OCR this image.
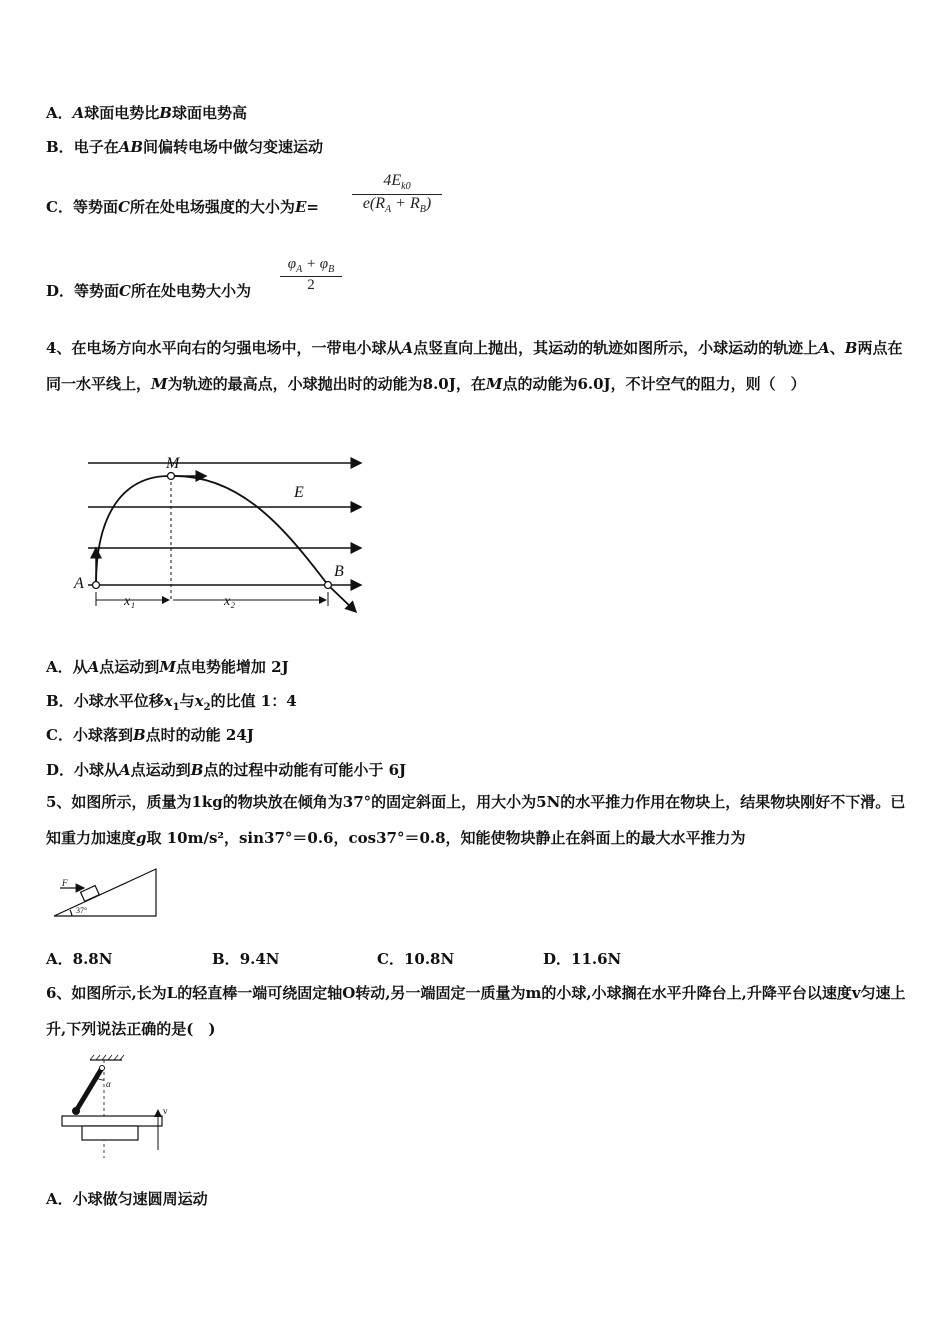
A．A球面电势比B球面电势高
B．电子在AB间偏转电场中做匀变速运动
C．等势面C所在处电场强度的大小为E=
$4E_{k0}$
$e(R_A + R_B)$
D．等势面C所在处电势大小为
$\varphi_A + \varphi_B$
2
4、在电场方向水平向右的匀强电场中，一带电小球从A点竖直向上抛出，其运动的轨迹如图所示，小球运动的轨迹上A、B两点在同一水平线上，M为轨迹的最高点，小球抛出时的动能为8.0J，在M点的动能为6.0J，不计空气的阻力，则（　）
M
E
A
B
x₁	x₂
A．从A点运动到M点电势能增加 2J
B．小球水平位移$x_1$与$x_2$的比值 1：4
C．小球落到B点时的动能 24J
D．小球从A点运动到B点的过程中动能有可能小于 6J
5、如图所示，质量为1kg的物块放在倾角为37°的固定斜面上，用大小为5N的水平推力作用在物块上，结果物块刚好不下滑。已知重力加速度g取 10m/s²，sin37°＝0.6，cos37°＝0.8，知能使物块静止在斜面上的最大水平推力为
F
37°
A．8.8N	B．9.4N	C．10.8N	D．11.6N
6、如图所示,长为L的轻直棒一端可绕固定轴O转动,另一端固定一质量为m的小球,小球搁在水平升降台上,升降平台以速度v匀速上升,下列说法正确的是(　)
α
v
A．小球做匀速圆周运动
